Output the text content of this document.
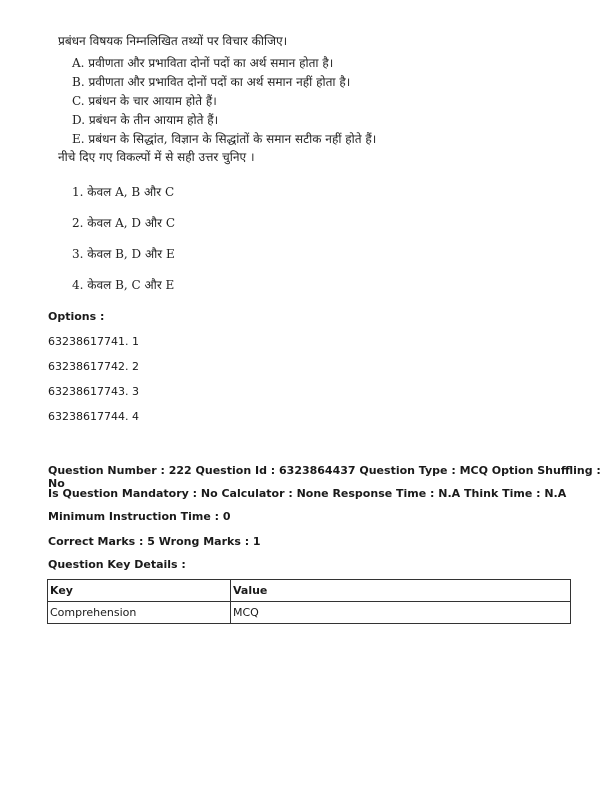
प्रबंधन विषयक निम्नलिखित तथ्यों पर विचार कीजिए।
A. प्रवीणता और प्रभाविता दोनों पदों का अर्थ समान होता है।
B. प्रवीणता और प्रभावित दोनों पदों का अर्थ समान नहीं होता है।
C. प्रबंधन के चार आयाम होते हैं।
D. प्रबंधन के तीन आयाम होते हैं।
E. प्रबंधन के सिद्धांत, विज्ञान के सिद्धांतों के समान सटीक नहीं होते हैं।
नीचे दिए गए विकल्पों में से सही उत्तर चुनिए ।
1. केवल A, B और C
2. केवल A, D और C
3. केवल B, D और E
4. केवल B, C और E
Options :
63238617741. 1
63238617742. 2
63238617743. 3
63238617744. 4
Question Number : 222 Question Id : 6323864437 Question Type : MCQ Option Shuffling : No
Is Question Mandatory : No Calculator : None Response Time : N.A Think Time : N.A
Minimum Instruction Time : 0
Correct Marks : 5 Wrong Marks : 1
Question Key Details :
Key	Value
Comprehension	MCQ
